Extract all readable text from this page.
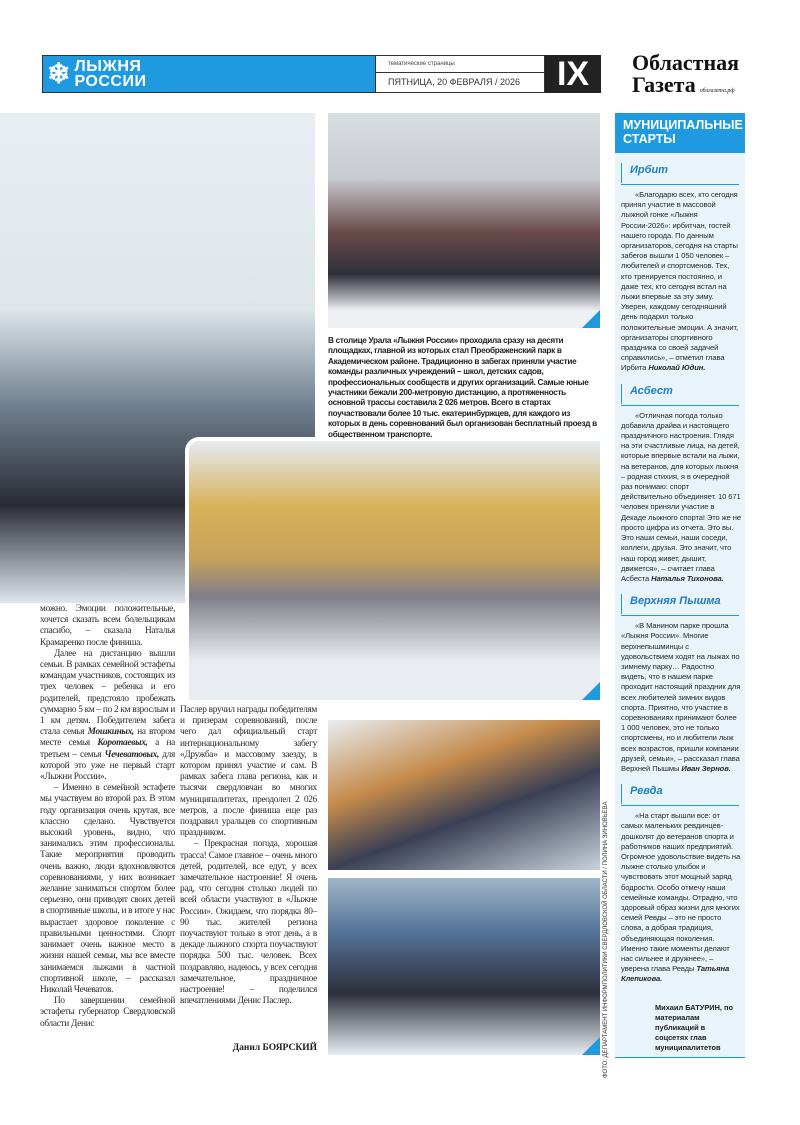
❄ ЛЫЖНЯ
РОССИИ
тематические страницы
ПЯТНИЦА, 20 ФЕВРАЛЯ / 2026	IX	Областная
Газета облгазета.рф
В столице Урала «Лыжня России» проходила сразу на десяти площадках, главной из которых стал Преображенский парк в Академическом районе. Традиционно в забегах приняли участие команды различных учреждений – школ, детских садов, профессиональных сообществ и других организаций. Самые юные участники бежали 200-метровую дистанцию, а протяженность основной трассы составила 2 026 метров. Всего в стартах поучаствовали более 10 тыс. екатеринбуржцев, для каждого из которых в день соревнований был организован бесплатный проезд в общественном транспорте.

можно. Эмоции положительные, хочется сказать всем болельщикам спасибо, – сказала Наталья Крамаренко после финиша.

Далее на дистанцию вышли семьи. В рамках семейной эстафеты командам участников, состоящих из трех человек – ребенка и его родителей, предстояло пробежать суммарно 5 км – по 2 км взрослым и 1 км детям. Победителем забега стала семья Мошкиных, на втором месте семья Коротаевых, а на третьем – семья Чечеватовых, для которой это уже не первый старт «Лыжни России».

– Именно в семейной эстафете мы участвуем во второй раз. В этом году организация очень крутая, все классно сделано. Чувствуется высокий уровень, видно, что занимались этим профессионалы. Такие мероприятия проводить очень важно, люди вдохновляются соревнованиями, у них возникает желание заниматься спортом более серьезно, они приводят своих детей в спортивные школы, и в итоге у нас вырастает здоровое поколение с правильными ценностями. Спорт занимает очень важное место в жизни нашей семьи, мы все вместе занимаемся лыжами в частной спортивной школе, – рассказал Николай Чечеватов.

По завершении семейной эстафеты губернатор Свердловской области Денис

Паслер вручил награды победителям и призерам соревнований, после чего дал официальный старт интернациональному забегу «Дружба» и массовому заезду, в котором принял участие и сам. В рамках забега глава региона, как и тысячи свердловчан во многих муниципалитетах, преодолел 2 026 метров, а после финиша еще раз поздравил уральцев со спортивным праздником.

– Прекрасная погода, хорошая трасса! Самое главное – очень много детей, родителей, все едут, у всех замечательное настроение! Я очень рад, что сегодня столько людей по всей области участвуют в «Лыжне России». Ожидаем, что порядка 80–90 тыс. жителей региона поучаствуют только в этот день, а в декаде лыжного спорта поучаствуют порядка 500 тыс. человек. Всех поздравляю, надеюсь, у всех сегодня замечательное, праздничное настроение! – поделился впечатлениями Денис Паслер.

Данил БОЯРСКИЙ	ФОТО: ДЕПАРТАМЕНТ ИНФОРМПОЛИТИКИ СВЕРДЛОВСКОЙ ОБЛАСТИ / ПОЛИНА ЗИНОВЬЕВА
МУНИЦИПАЛЬНЫЕ СТАРТЫ
Ирбит

«Благодарю всех, кто сегодня принял участие в массовой лыжной гонке «Лыжня России-2026»: ирбитчан, гостей нашего города. По данным организаторов, сегодня на старты забегов вышли 1 050 человек – любителей и спортсменов. Тех, кто тренируется постоянно, и даже тех, кто сегодня встал на лыжи впервые за эту зиму. Уверен, каждому сегодняшний день подарил только положительные эмоции. А значит, организаторы спортивного праздника со своей задачей справились», – отметил глава Ирбита Николай Юдин.

Асбест

«Отличная погода только добавила драйва и настоящего праздничного настроения. Глядя на эти счастливые лица, на детей, которые впервые встали на лыжи, на ветеранов, для которых лыжня – родная стихия, я в очередной раз понимаю: спорт действительно объединяет. 10 671 человек приняли участие в Декаде лыжного спорта! Это же не просто цифра из отчета. Это вы. Это наши семьи, наши соседи, коллеги, друзья. Это значит, что наш город живет, дышит, движется», – считает глава Асбеста Наталья Тихонова.

Верхняя Пышма

«В Манином парке прошла «Лыжня России». Многие верхнепышминцы с удовольствием ходят на лыжах по зимнему парку… Радостно видеть, что в нашем парке проходит настоящий праздник для всех любителей зимних видов спорта. Приятно, что участие в соревнованиях принимают более 1 000 человек, это не только спортсмены, но и любители лыж всех возрастов, пришли компании друзей, семьи», – рассказал глава Верхней Пышмы Иван Зернов.

Ревда

«На старт вышли все: от самых маленьких ревдинцев-дошколят до ветеранов спорта и работников наших предприятий. Огромное удовольствие видеть на лыжне столько улыбок и чувствовать этот мощный заряд бодрости. Особо отмечу наши семейные команды. Отрадно, что здоровый образ жизни для многих семей Ревды – это не просто слова, а добрая традиция, объединяющая поколения. Именно такие моменты делают нас сильнее и дружнее», – уверена глава Ревды Татьяна Клепикова.

Михаил БАТУРИН, по материалам публикаций в соцсетях глав муниципалитетов
